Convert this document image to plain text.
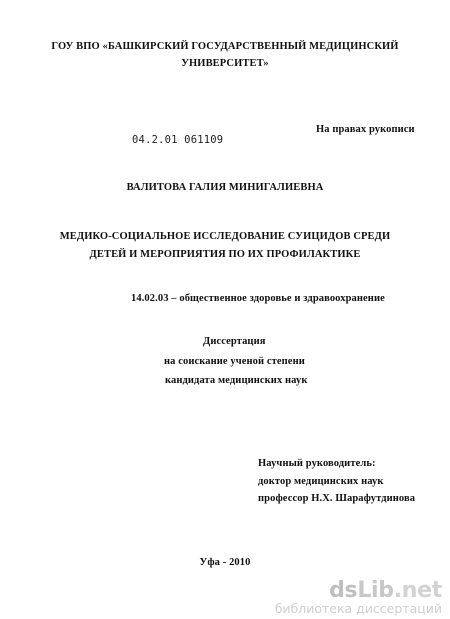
ГОУ ВПО «БАШКИРСКИЙ ГОСУДАРСТВЕННЫЙ МЕДИЦИНСКИЙ
УНИВЕРСИТЕТ»
На правах рукописи
04.2.01 061109
ВАЛИТОВА ГАЛИЯ МИНИГАЛИЕВНА
МЕДИКО-СОЦИАЛЬНОЕ ИССЛЕДОВАНИЕ СУИЦИДОВ СРЕДИ
ДЕТЕЙ И МЕРОПРИЯТИЯ ПО ИХ ПРОФИЛАКТИКЕ
14.02.03 – общественное здоровье и здравоохранение
Диссертация
на соискание ученой степени
кандидата медицинских наук
Научный руководитель:
доктор медицинских наук
профессор Н.Х. Шарафутдинова
Уфа - 2010
dsLib.net
библиотека диссертаций
